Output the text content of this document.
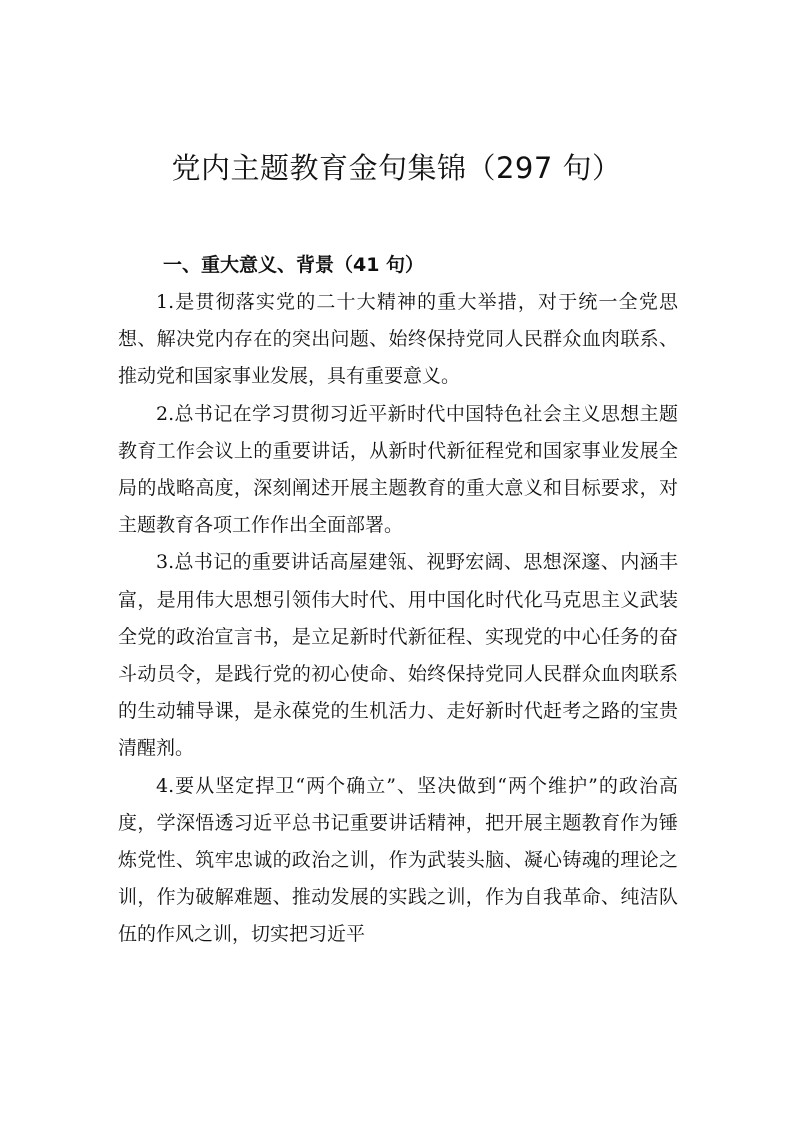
党内主题教育金句集锦（297 句）
一、重大意义、背景（41 句）

1.是贯彻落实党的二十大精神的重大举措，对于统一全党思想、解决党内存在的突出问题、始终保持党同人民群众血肉联系、推动党和国家事业发展，具有重要意义。

2.总书记在学习贯彻习近平新时代中国特色社会主义思想主题教育工作会议上的重要讲话，从新时代新征程党和国家事业发展全局的战略高度，深刻阐述开展主题教育的重大意义和目标要求，对主题教育各项工作作出全面部署。

3.总书记的重要讲话高屋建瓴、视野宏阔、思想深邃、内涵丰富，是用伟大思想引领伟大时代、用中国化时代化马克思主义武装全党的政治宣言书，是立足新时代新征程、实现党的中心任务的奋斗动员令，是践行党的初心使命、始终保持党同人民群众血肉联系的生动辅导课，是永葆党的生机活力、走好新时代赶考之路的宝贵清醒剂。

4.要从坚定捍卫“两个确立”、坚决做到“两个维护”的政治高度，学深悟透习近平总书记重要讲话精神，把开展主题教育作为锤炼党性、筑牢忠诚的政治之训，作为武装头脑、凝心铸魂的理论之训，作为破解难题、推动发展的实践之训，作为自我革命、纯洁队伍的作风之训，切实把习近平
